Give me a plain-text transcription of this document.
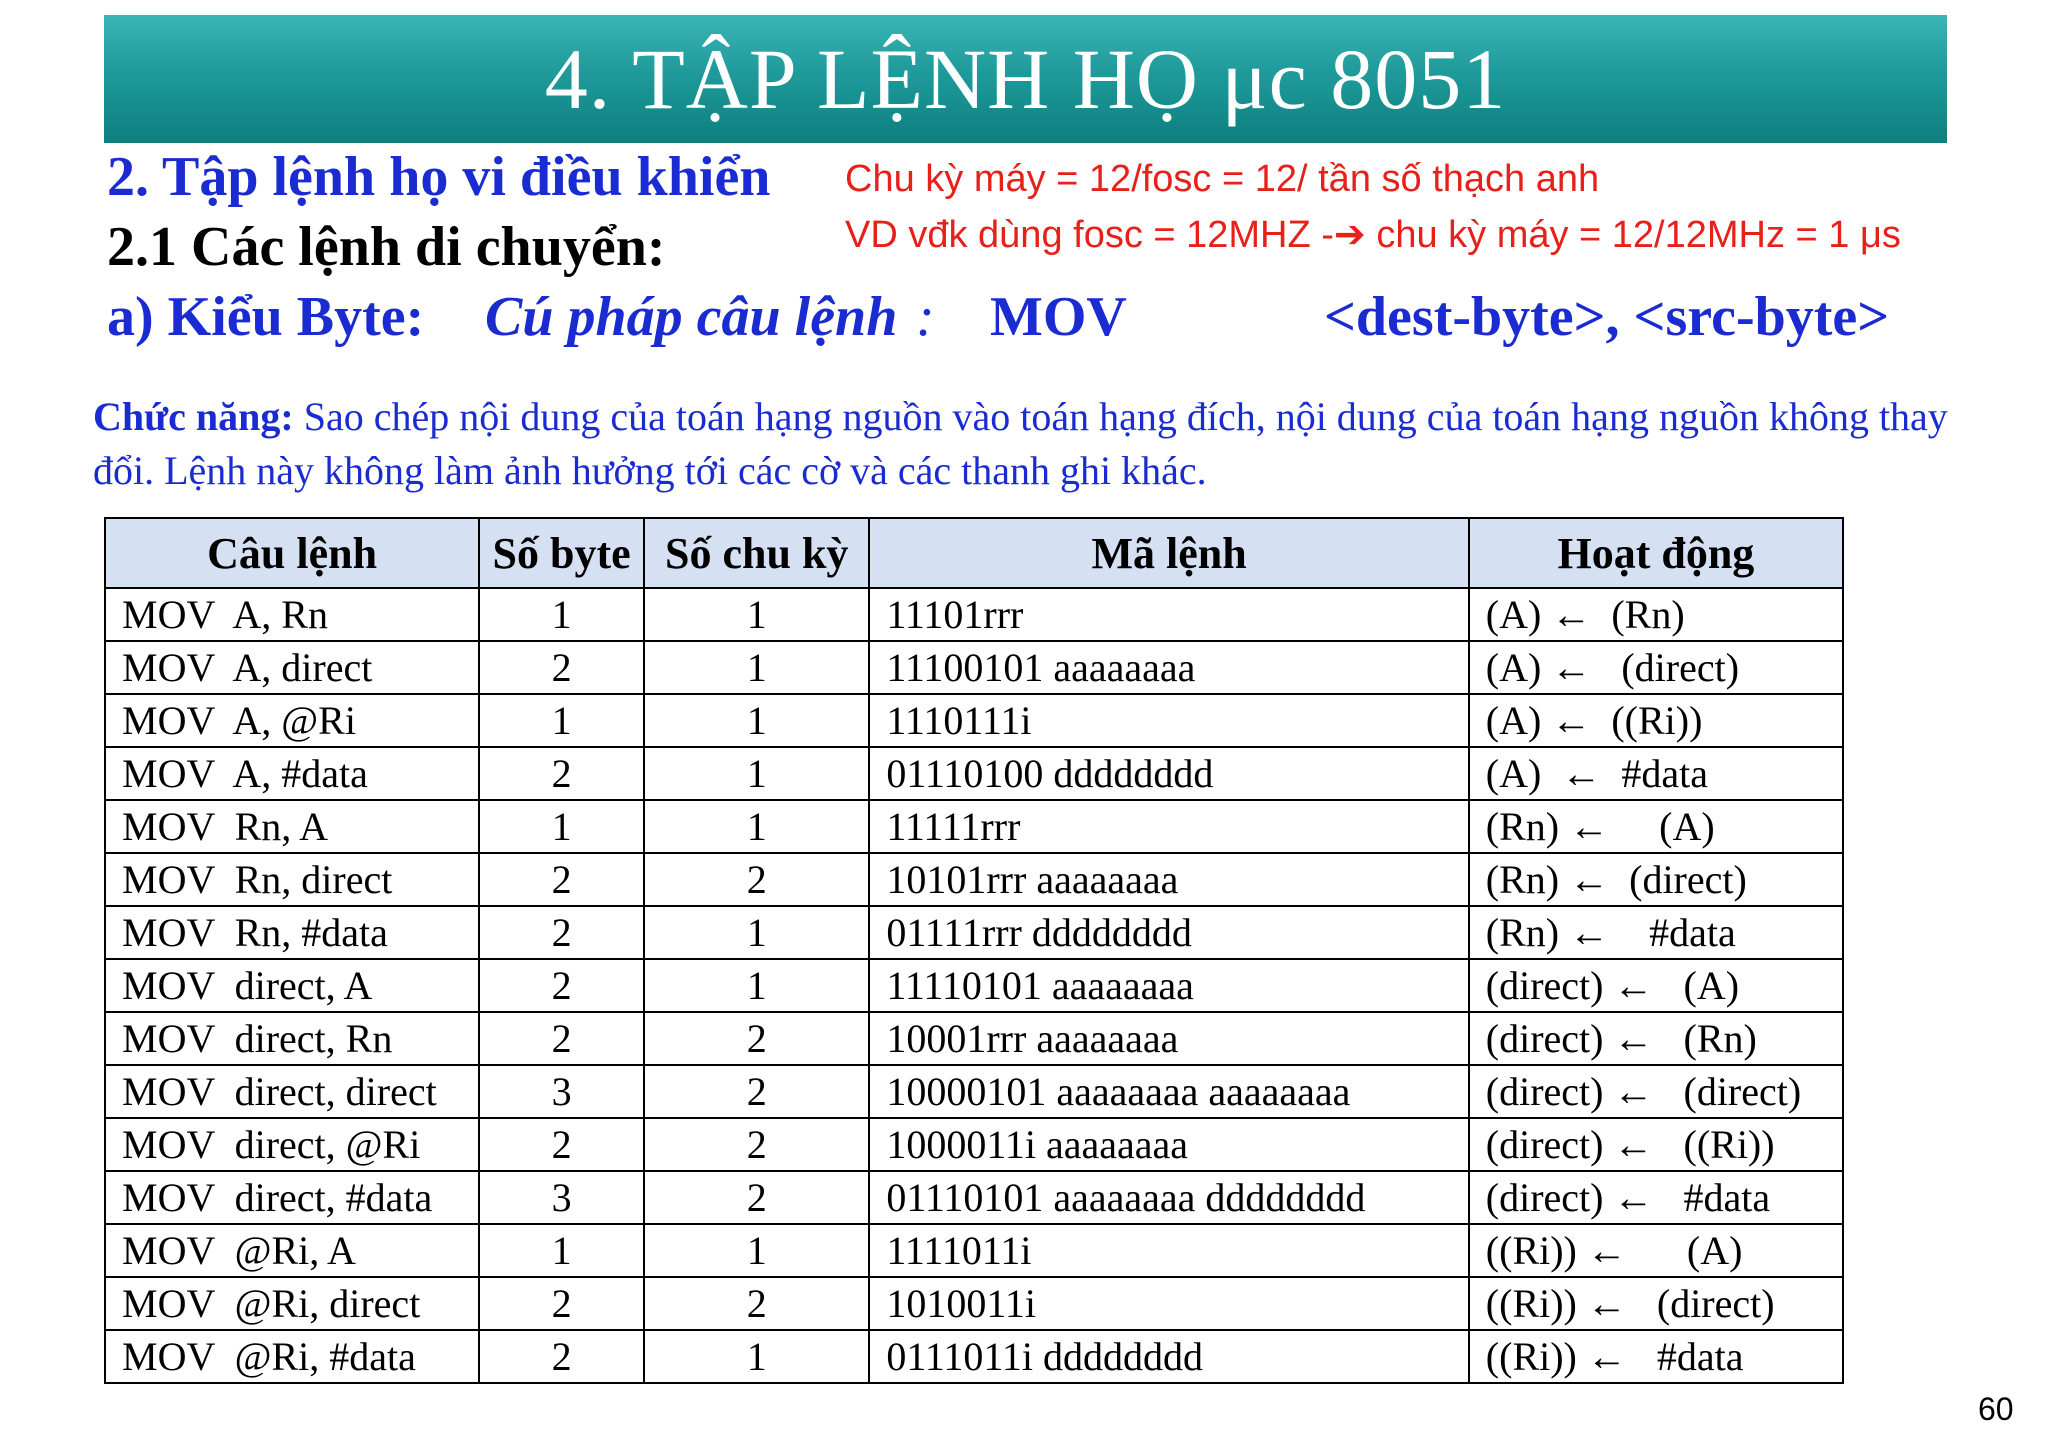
4. TẬP LỆNH HỌ μc 8051
2. Tập lệnh họ vi điều khiển
2.1 Các lệnh di chuyển:
a) Kiểu Byte: Cú pháp câu lệnh : MOV	<dest-byte>, <src-byte>
Chu kỳ máy = 12/fosc = 12/ tần số thạch anh
VD vđk dùng fosc = 12MHZ -➔ chu kỳ máy = 12/12MHz = 1 μs
Chức năng: Sao chép nội dung của toán hạng nguồn vào toán hạng đích, nội dung của toán hạng nguồn không thay đổi. Lệnh này không làm ảnh hưởng tới các cờ và các thanh ghi khác.
Câu lệnh	Số byte	Số chu kỳ	Mã lệnh	Hoạt động
MOV  A, Rn	1	1	11101rrr	(A) ←  (Rn)
MOV  A, direct	2	1	11100101 aaaaaaaa	(A) ←   (direct)
MOV  A, @Ri	1	1	1110111i	(A) ←  ((Ri))
MOV  A, #data	2	1	01110100 dddddddd	(A)  ←  #data
MOV  Rn, A	1	1	11111rrr	(Rn) ←     (A)
MOV  Rn, direct	2	2	10101rrr aaaaaaaa	(Rn) ←  (direct)
MOV  Rn, #data	2	1	01111rrr dddddddd	(Rn) ←    #data
MOV  direct, A	2	1	11110101 aaaaaaaa	(direct) ←   (A)
MOV  direct, Rn	2	2	10001rrr aaaaaaaa	(direct) ←   (Rn)
MOV  direct, direct	3	2	10000101 aaaaaaaa aaaaaaaa	(direct) ←   (direct)
MOV  direct, @Ri	2	2	1000011i aaaaaaaa	(direct) ←   ((Ri))
MOV  direct, #data	3	2	01110101 aaaaaaaa dddddddd	(direct) ←   #data
MOV  @Ri, A	1	1	1111011i	((Ri)) ←      (A)
MOV  @Ri, direct	2	2	1010011i	((Ri)) ←   (direct)
MOV  @Ri, #data	2	1	0111011i dddddddd	((Ri)) ←   #data
60
